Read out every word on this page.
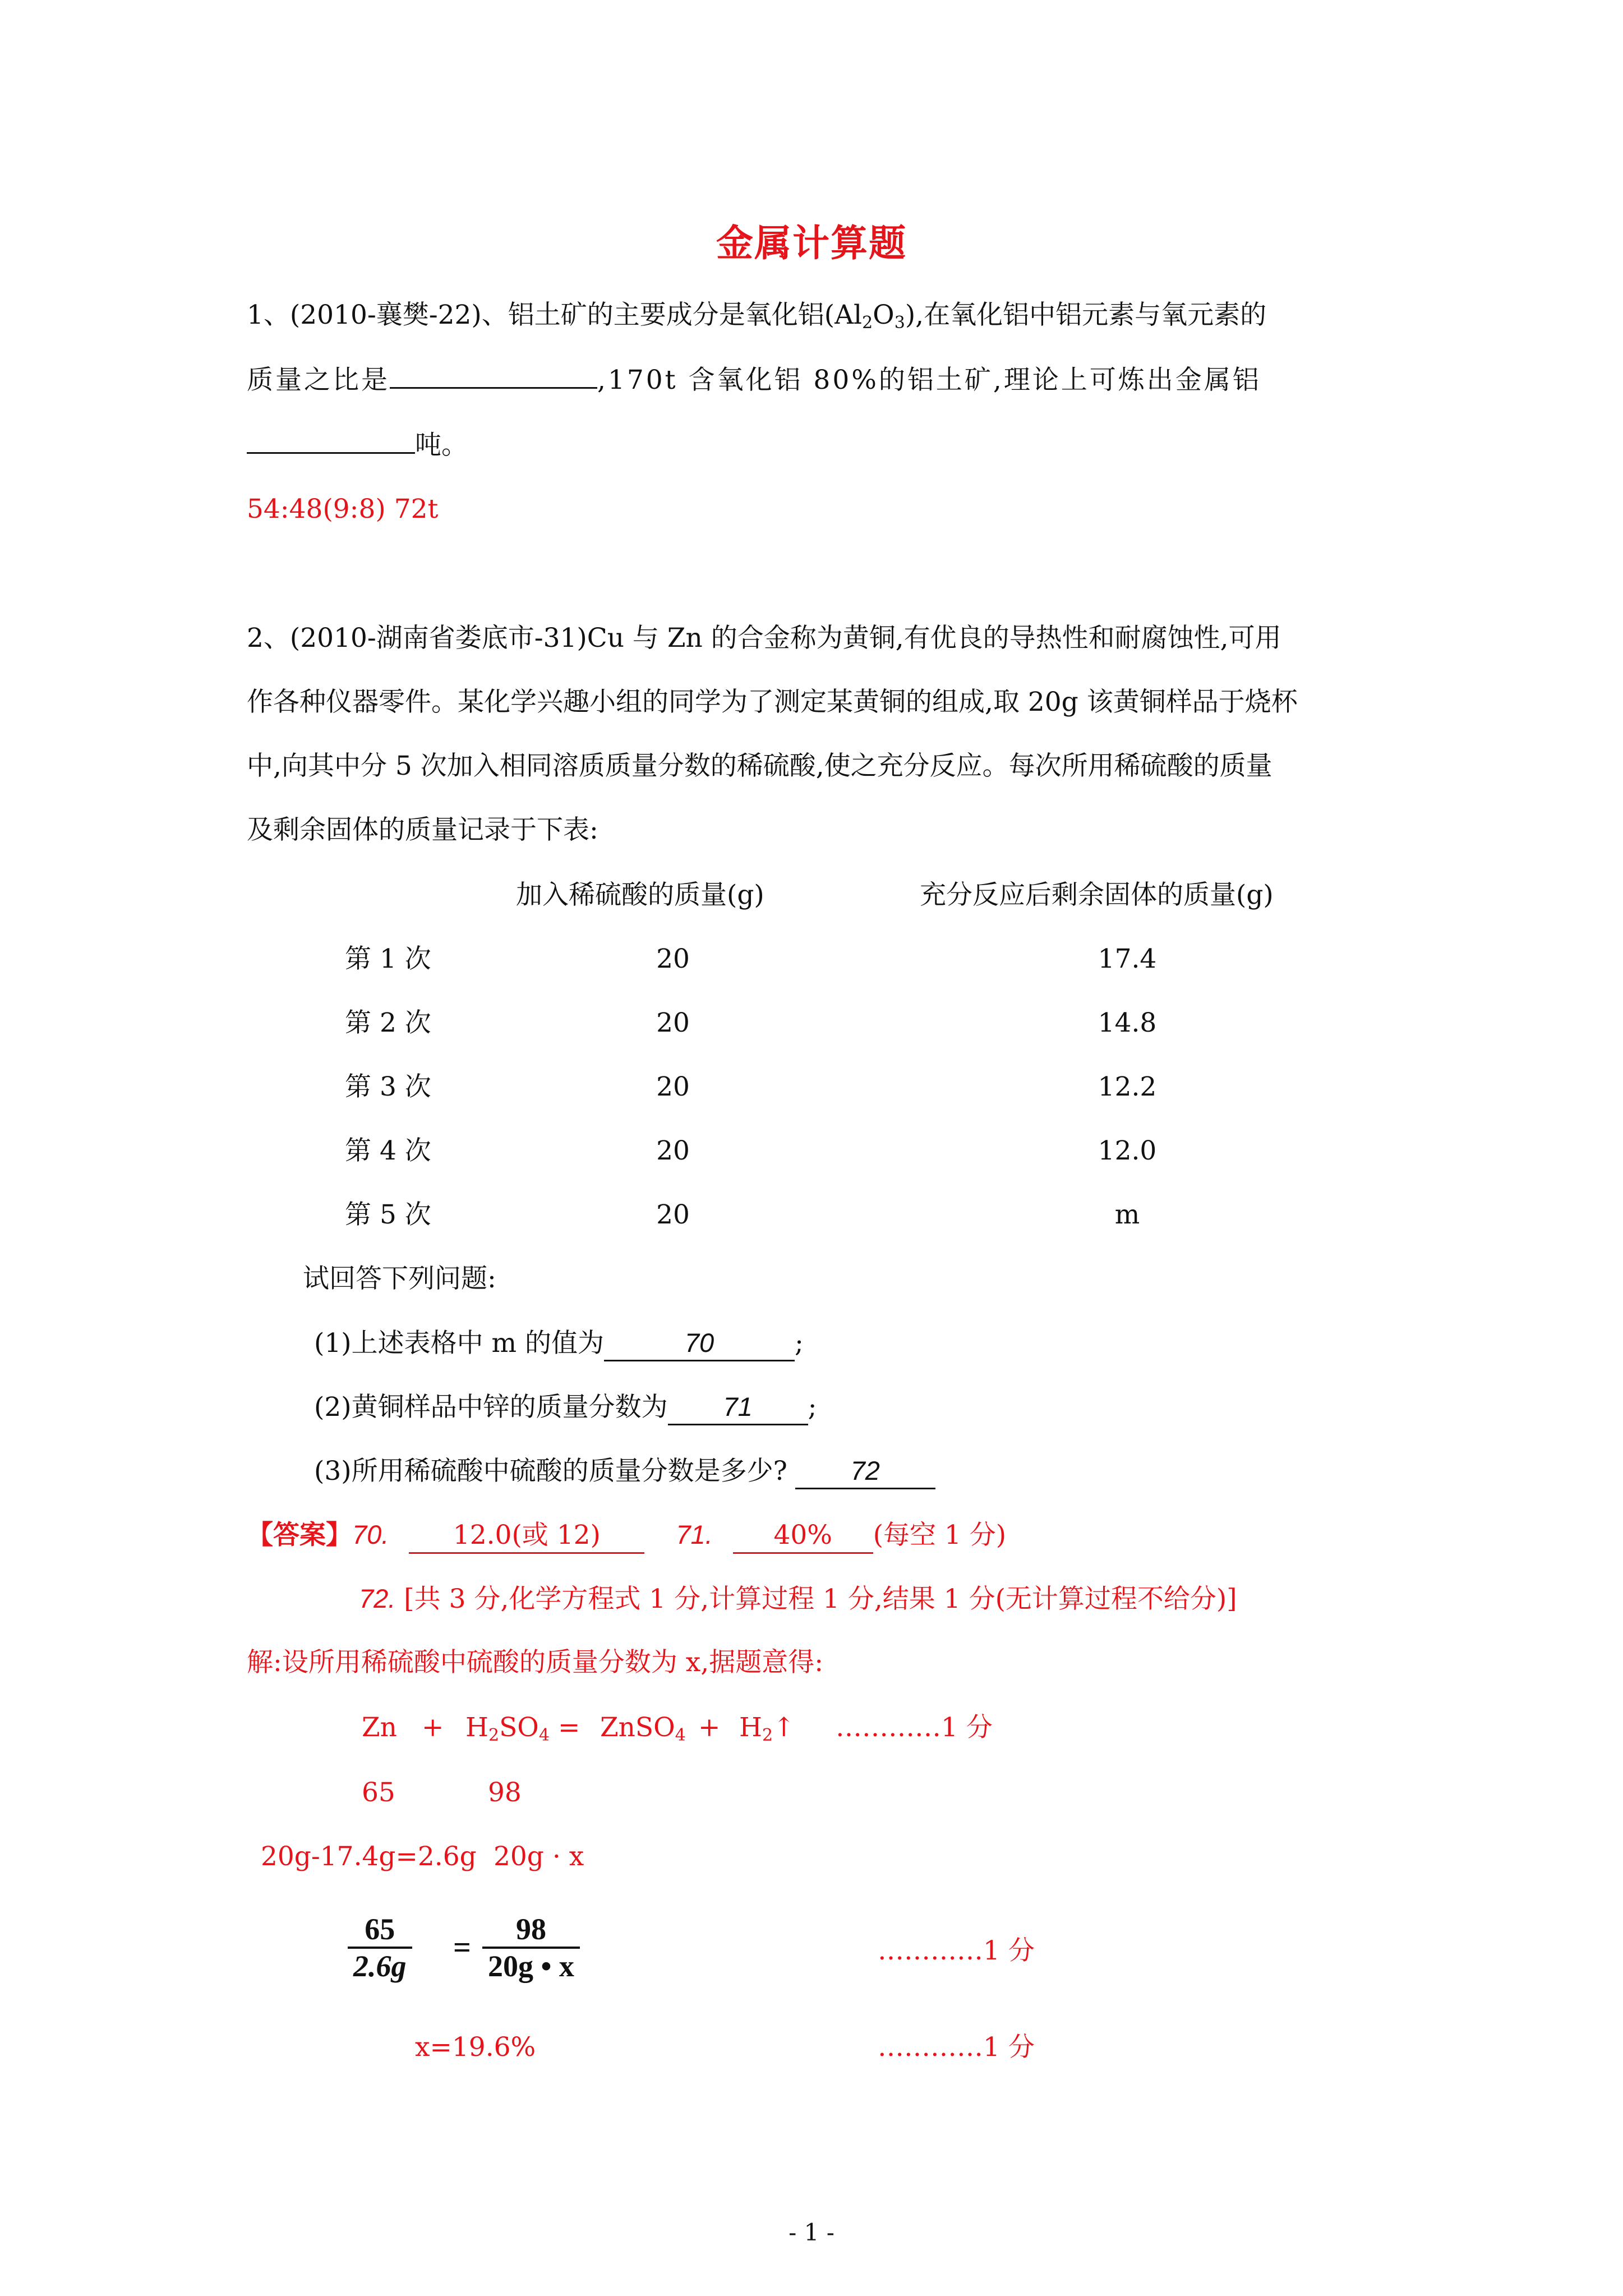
金属计算题
1、(2010-襄樊-22)、铝土矿的主要成分是氧化铝$(Al_2O_3)$,在氧化铝中铝元素与氧元素的
质量之比是	,170t 含氧化铝 80%的铝土矿,理论上可炼出金属铝
吨。
54:48(9:8) 72t
2、(2010-湖南省娄底市-31)Cu 与 Zn 的合金称为黄铜,有优良的导热性和耐腐蚀性,可用
作各种仪器零件。某化学兴趣小组的同学为了测定某黄铜的组成,取 20g 该黄铜样品于烧杯
中,向其中分 5 次加入相同溶质质量分数的稀硫酸,使之充分反应。每次所用稀硫酸的质量
及剩余固体的质量记录于下表:
加入稀硫酸的质量(g)	充分反应后剩余固体的质量(g)
第 1 次	20	17.4
第 2 次	20	14.8
第 3 次	20	12.2
第 4 次	20	12.0
第 5 次	20	m
试回答下列问题:
(1)上述表格中 m 的值为	70	;
(2)黄铜样品中锌的质量分数为 71 ;
(3)所用稀硫酸中硫酸的质量分数是多少? 72
【答案】70. 12.0(或 12)	71. 40% (每空 1 分)
72. [共 3 分,化学方程式 1 分,计算过程 1 分,结果 1 分(无计算过程不给分)]
解:设所用稀硫酸中硫酸的质量分数为 x,据题意得:
$Zn + H_2SO_4$ = ZnSO$_4$ + $H_2↑$ …………1 分
65	98
20g-17.4g=2.6g 20g · x
65
2.6g
=
98
20g • x	…………1 分
x=19.6%	…………1 分
- 1 -
